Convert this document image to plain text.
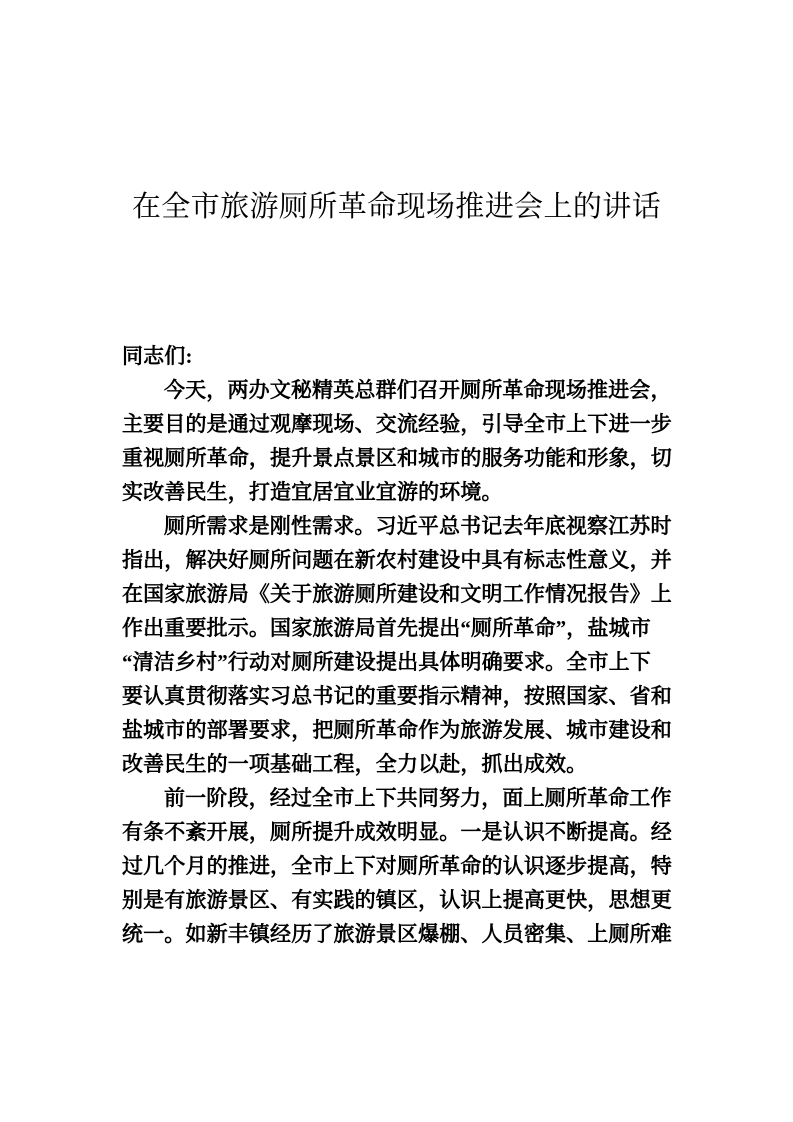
在全市旅游厕所革命现场推进会上的讲话
同志们:
今天，两办文秘精英总群们召开厕所革命现场推进会，
主要目的是通过观摩现场、交流经验，引导全市上下进一步
重视厕所革命，提升景点景区和城市的服务功能和形象，切
实改善民生，打造宜居宜业宜游的环境。
厕所需求是刚性需求。习近平总书记去年底视察江苏时
指出，解决好厕所问题在新农村建设中具有标志性意义，并
在国家旅游局《关于旅游厕所建设和文明工作情况报告》上
作出重要批示。国家旅游局首先提出“厕所革命”，盐城市
“清洁乡村”行动对厕所建设提出具体明确要求。全市上下
要认真贯彻落实习总书记的重要指示精神，按照国家、省和
盐城市的部署要求，把厕所革命作为旅游发展、城市建设和
改善民生的一项基础工程，全力以赴，抓出成效。
前一阶段，经过全市上下共同努力，面上厕所革命工作
有条不紊开展，厕所提升成效明显。一是认识不断提高。经
过几个月的推进，全市上下对厕所革命的认识逐步提高，特
别是有旅游景区、有实践的镇区，认识上提高更快，思想更
统一。如新丰镇经历了旅游景区爆棚、人员密集、上厕所难
